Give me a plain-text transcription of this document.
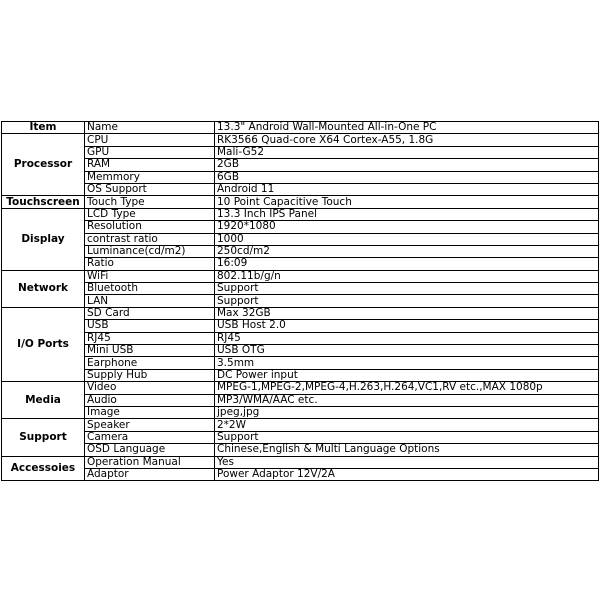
Item	Name	13.3" Android Wall-Mounted All-in-One PC
Processor	CPU	RK3566 Quad-core X64 Cortex-A55, 1.8G
	GPU	Mali-G52
	RAM	2GB
	Memmory	6GB
	OS Support	Android 11
Touchscreen	Touch Type	10 Point Capacitive Touch
Display	LCD Type	13.3 Inch IPS Panel
	Resolution	1920*1080
	contrast ratio	1000
	Luminance(cd/m2)	250cd/m2
	Ratio	16:09
Network	WiFi	802.11b/g/n
	Bluetooth	Support
	LAN	Support
I/O Ports	SD Card	Max 32GB
	USB	USB Host 2.0
	RJ45	RJ45
	Mini USB	USB OTG
	Earphone	3.5mm
	Supply Hub	DC Power input
Media	Video	MPEG-1,MPEG-2,MPEG-4,H.263,H.264,VC1,RV etc.,MAX 1080p
	Audio	MP3/WMA/AAC etc.
	Image	jpeg,jpg
Support	Speaker	2*2W
	Camera	Support
	OSD Language	Chinese,English & Multi Language Options
Accessoies	Operation Manual	Yes
	Adaptor	Power Adaptor 12V/2A
